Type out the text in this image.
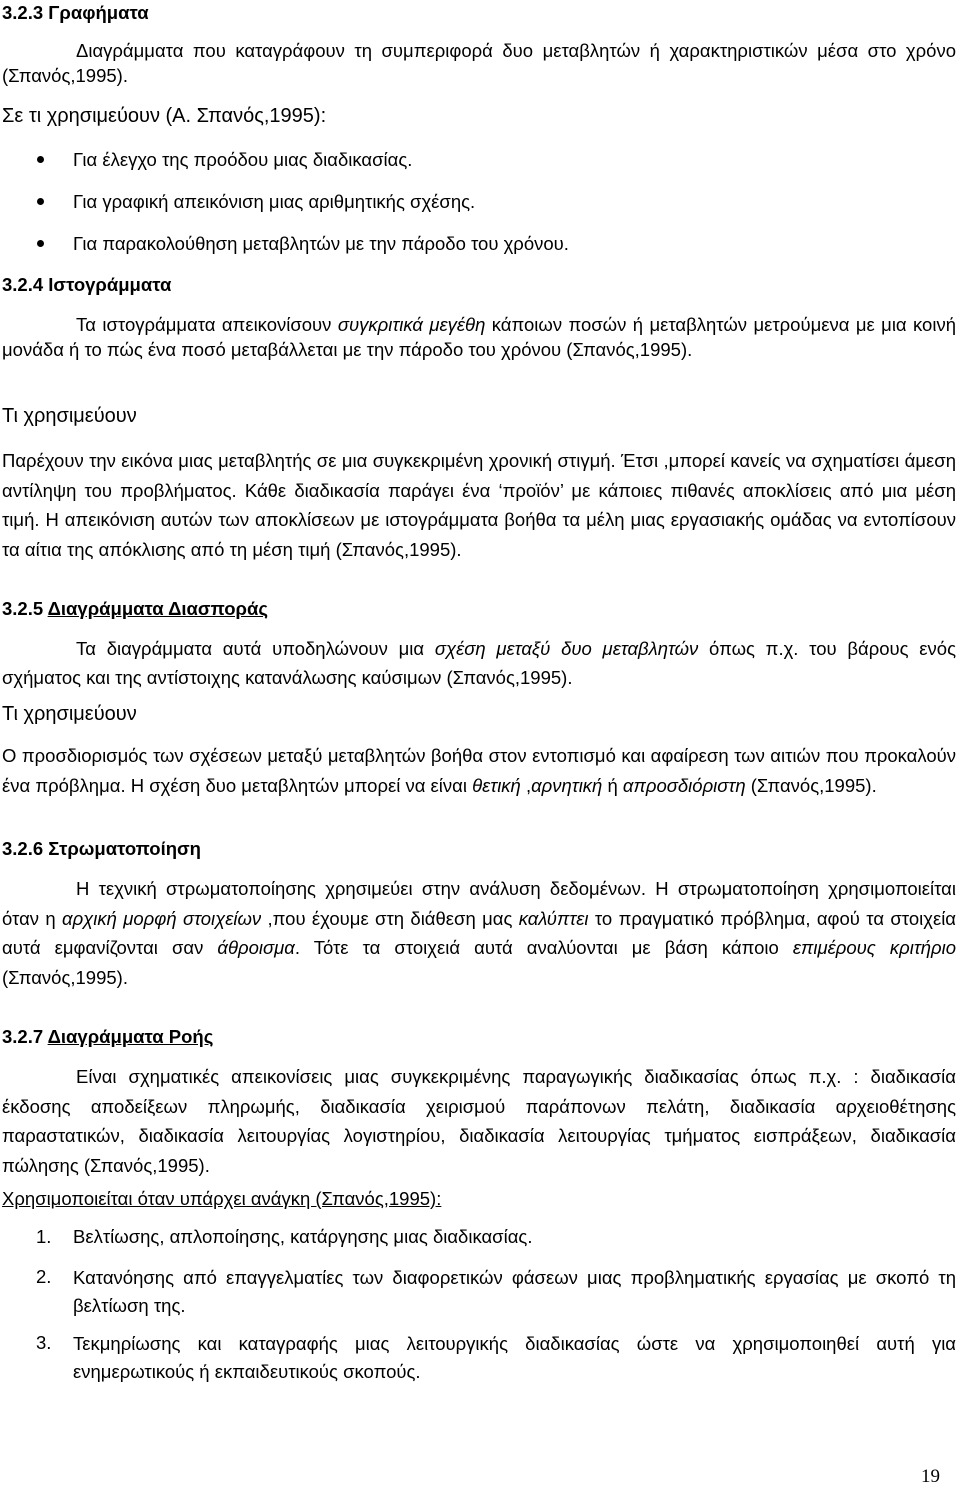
3.2.3 Γραφήματα
Διαγράμματα που καταγράφουν τη συμπεριφορά δυο μεταβλητών ή χαρακτηριστικών μέσα στο χρόνο (Σπανός,1995).
Σε τι χρησιμεύουν (Α. Σπανός,1995):
Για έλεγχο της προόδου μιας διαδικασίας.
Για γραφική απεικόνιση μιας αριθμητικής σχέσης.
Για παρακολούθηση μεταβλητών με την πάροδο του χρόνου.
3.2.4 Ιστογράμματα
Τα ιστογράμματα απεικονίσουν συγκριτικά μεγέθη κάποιων ποσών ή μεταβλητών μετρούμενα με μια κοινή μονάδα ή το πώς ένα ποσό μεταβάλλεται με την πάροδο του χρόνου (Σπανός,1995).
Τι χρησιμεύουν
Παρέχουν την εικόνα μιας μεταβλητής σε μια συγκεκριμένη χρονική στιγμή. Έτσι ,μπορεί κανείς να σχηματίσει άμεση αντίληψη του προβλήματος. Κάθε διαδικασία παράγει ένα ‘προϊόν’ με κάποιες πιθανές αποκλίσεις από μια μέση τιμή. Η απεικόνιση αυτών των αποκλίσεων με ιστογράμματα βοήθα τα μέλη μιας εργασιακής ομάδας να εντοπίσουν τα αίτια της απόκλισης από τη μέση τιμή (Σπανός,1995).
3.2.5 Διαγράμματα Διασποράς
Τα διαγράμματα αυτά υποδηλώνουν μια σχέση μεταξύ δυο μεταβλητών όπως π.χ. του βάρους ενός σχήματος και της αντίστοιχης κατανάλωσης καύσιμων (Σπανός,1995).
Τι χρησιμεύουν
Ο προσδιορισμός των σχέσεων μεταξύ μεταβλητών βοήθα στον εντοπισμό και αφαίρεση των αιτιών που προκαλούν ένα πρόβλημα. Η σχέση δυο μεταβλητών μπορεί να είναι θετική ,αρνητική ή απροσδιόριστη (Σπανός,1995).
3.2.6 Στρωματοποίηση
Η τεχνική στρωματοποίησης χρησιμεύει στην ανάλυση δεδομένων. Η στρωματοποίηση χρησιμοποιείται όταν η αρχική μορφή στοιχείων ,που έχουμε στη διάθεση μας καλύπτει το πραγματικό πρόβλημα, αφού τα στοιχεία αυτά εμφανίζονται σαν άθροισμα. Τότε τα στοιχειά αυτά αναλύονται με βάση κάποιο επιμέρους κριτήριο (Σπανός,1995).
3.2.7 Διαγράμματα Ροής
Είναι σχηματικές απεικονίσεις μιας συγκεκριμένης παραγωγικής διαδικασίας όπως π.χ. : διαδικασία έκδοσης αποδείξεων πληρωμής, διαδικασία χειρισμού παράπονων πελάτη, διαδικασία αρχειοθέτησης παραστατικών, διαδικασία λειτουργίας λογιστηρίου, διαδικασία λειτουργίας τμήματος εισπράξεων, διαδικασία πώλησης (Σπανός,1995).
Χρησιμοποιείται όταν υπάρχει ανάγκη (Σπανός,1995):
1. Βελτίωσης, απλοποίησης, κατάργησης μιας διαδικασίας.
2. Κατανόησης από επαγγελματίες των διαφορετικών φάσεων μιας προβληματικής εργασίας με σκοπό τη βελτίωση της.
3. Τεκμηρίωσης και καταγραφής μιας λειτουργικής διαδικασίας ώστε να χρησιμοποιηθεί αυτή για ενημερωτικούς ή εκπαιδευτικούς σκοπούς.
19
